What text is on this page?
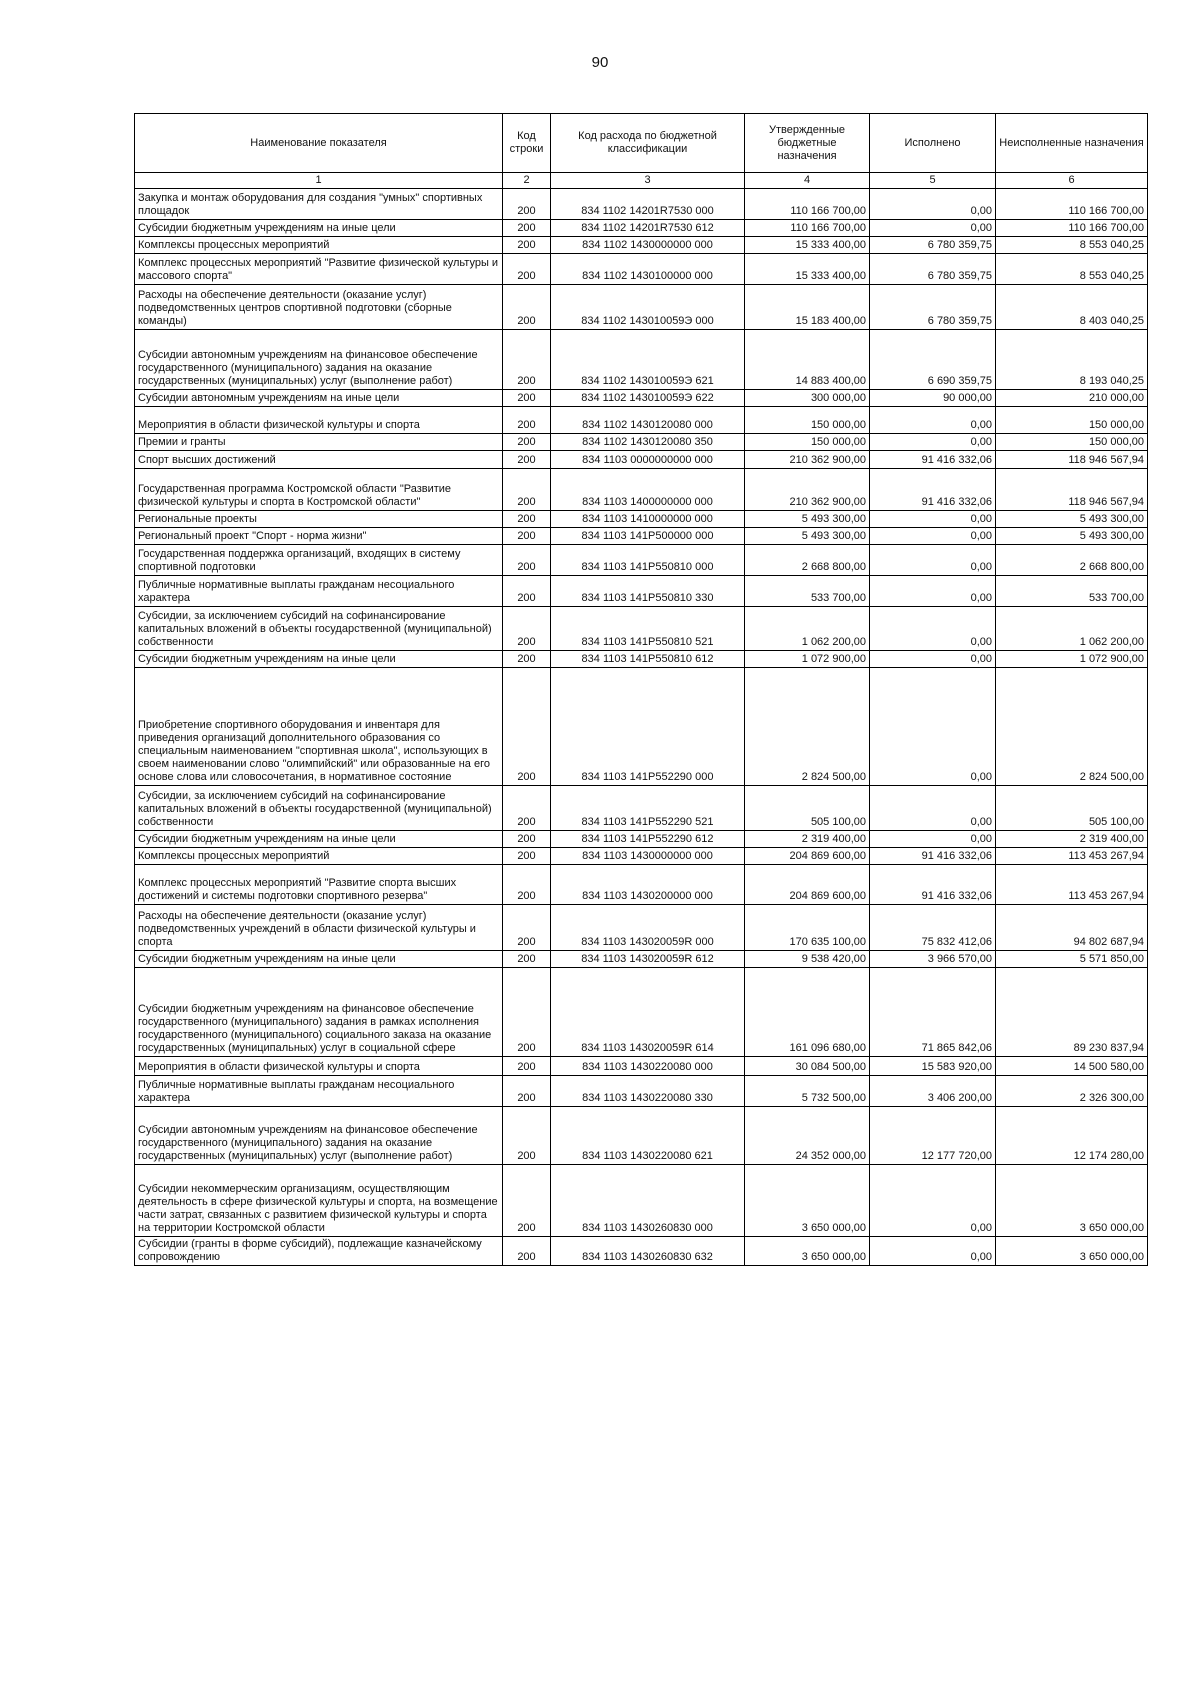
90
Наименование показателя	Код строки	Код расхода по бюджетной классификации	Утвержденные бюджетные назначения	Исполнено	Неисполненные назначения
1	2	3	4	5	6
Закупка и монтаж оборудования для создания "умных" спортивных площадок	200	834 1102 14201R7530 000	110 166 700,00	0,00	110 166 700,00
Субсидии бюджетным учреждениям на иные цели	200	834 1102 14201R7530 612	110 166 700,00	0,00	110 166 700,00
Комплексы процессных мероприятий	200	834 1102 1430000000 000	15 333 400,00	6 780 359,75	8 553 040,25
Комплекс процессных мероприятий "Развитие физической культуры и массового спорта"	200	834 1102 1430100000 000	15 333 400,00	6 780 359,75	8 553 040,25
Расходы на обеспечение деятельности (оказание услуг) подведомственных центров спортивной подготовки (сборные команды)	200	834 1102 143010059Э 000	15 183 400,00	6 780 359,75	8 403 040,25
Субсидии автономным учреждениям на финансовое обеспечение государственного (муниципального) задания на оказание государственных (муниципальных) услуг (выполнение работ)	200	834 1102 143010059Э 621	14 883 400,00	6 690 359,75	8 193 040,25
Субсидии автономным учреждениям на иные цели	200	834 1102 143010059Э 622	300 000,00	90 000,00	210 000,00
Мероприятия в области физической культуры и спорта	200	834 1102 1430120080 000	150 000,00	0,00	150 000,00
Премии и гранты	200	834 1102 1430120080 350	150 000,00	0,00	150 000,00
Спорт высших достижений	200	834 1103 0000000000 000	210 362 900,00	91 416 332,06	118 946 567,94
Государственная программа Костромской области "Развитие физической культуры и спорта в Костромской области"	200	834 1103 1400000000 000	210 362 900,00	91 416 332,06	118 946 567,94
Региональные проекты	200	834 1103 1410000000 000	5 493 300,00	0,00	5 493 300,00
Региональный проект "Спорт - норма жизни"	200	834 1103 141P500000 000	5 493 300,00	0,00	5 493 300,00
Государственная поддержка организаций, входящих в систему спортивной подготовки	200	834 1103 141P550810 000	2 668 800,00	0,00	2 668 800,00
Публичные нормативные выплаты гражданам несоциального характера	200	834 1103 141P550810 330	533 700,00	0,00	533 700,00
Субсидии, за исключением субсидий на софинансирование капитальных вложений в объекты государственной (муниципальной) собственности	200	834 1103 141P550810 521	1 062 200,00	0,00	1 062 200,00
Субсидии бюджетным учреждениям на иные цели	200	834 1103 141P550810 612	1 072 900,00	0,00	1 072 900,00
Приобретение спортивного оборудования и инвентаря для приведения организаций дополнительного образования со специальным наименованием "спортивная школа", использующих в своем наименовании слово "олимпийский" или образованные на его основе слова или словосочетания, в нормативное состояние	200	834 1103 141P552290 000	2 824 500,00	0,00	2 824 500,00
Субсидии, за исключением субсидий на софинансирование капитальных вложений в объекты государственной (муниципальной) собственности	200	834 1103 141P552290 521	505 100,00	0,00	505 100,00
Субсидии бюджетным учреждениям на иные цели	200	834 1103 141P552290 612	2 319 400,00	0,00	2 319 400,00
Комплексы процессных мероприятий	200	834 1103 1430000000 000	204 869 600,00	91 416 332,06	113 453 267,94
Комплекс процессных мероприятий "Развитие спорта высших достижений и системы подготовки спортивного резерва"	200	834 1103 1430200000 000	204 869 600,00	91 416 332,06	113 453 267,94
Расходы на обеспечение деятельности (оказание услуг) подведомственных учреждений в области физической культуры и спорта	200	834 1103 143020059R 000	170 635 100,00	75 832 412,06	94 802 687,94
Субсидии бюджетным учреждениям на иные цели	200	834 1103 143020059R 612	9 538 420,00	3 966 570,00	5 571 850,00
Субсидии бюджетным учреждениям на финансовое обеспечение государственного (муниципального) задания в рамках исполнения государственного (муниципального) социального заказа на оказание государственных (муниципальных) услуг в социальной сфере	200	834 1103 143020059R 614	161 096 680,00	71 865 842,06	89 230 837,94
Мероприятия в области физической культуры и спорта	200	834 1103 1430220080 000	30 084 500,00	15 583 920,00	14 500 580,00
Публичные нормативные выплаты гражданам несоциального характера	200	834 1103 1430220080 330	5 732 500,00	3 406 200,00	2 326 300,00
Субсидии автономным учреждениям на финансовое обеспечение государственного (муниципального) задания на оказание государственных (муниципальных) услуг (выполнение работ)	200	834 1103 1430220080 621	24 352 000,00	12 177 720,00	12 174 280,00
Субсидии некоммерческим организациям, осуществляющим деятельность в сфере физической культуры и спорта, на возмещение части затрат, связанных с развитием физической культуры и спорта на территории Костромской области	200	834 1103 1430260830 000	3 650 000,00	0,00	3 650 000,00
Субсидии (гранты в форме субсидий), подлежащие казначейскому сопровождению	200	834 1103 1430260830 632	3 650 000,00	0,00	3 650 000,00
